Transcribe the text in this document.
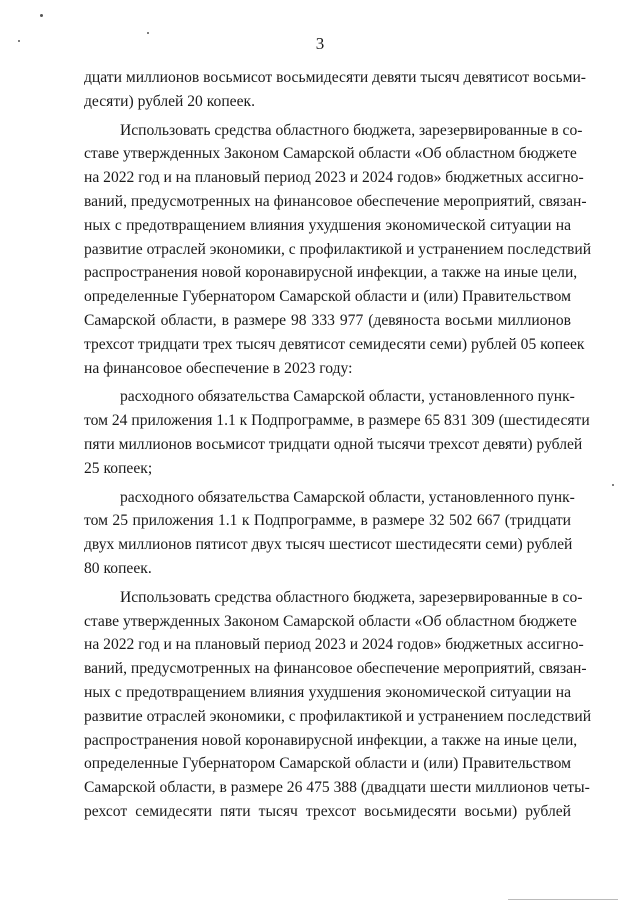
3
дцати миллионов восьмисот восьмидесяти девяти тысяч девятисот восьми-
десяти) рублей 20 копеек.
Использовать средства областного бюджета, зарезервированные в со-
ставе утвержденных Законом Самарской области «Об областном бюджете
на 2022 год и на плановый период 2023 и 2024 годов» бюджетных ассигно-
ваний, предусмотренных на финансовое обеспечение мероприятий, связан-
ных с предотвращением влияния ухудшения экономической ситуации на
развитие отраслей экономики, с профилактикой и устранением последствий
распространения новой коронавирусной инфекции, а также на иные цели,
определенные Губернатором Самарской области и (или) Правительством
Самарской области, в размере 98 333 977 (девяноста восьми миллионов
трехсот тридцати трех тысяч девятисот семидесяти семи) рублей 05 копеек
на финансовое обеспечение в 2023 году:
расходного обязательства Самарской области, установленного пунк-
том 24 приложения 1.1 к Подпрограмме, в размере 65 831 309 (шестидесяти
пяти миллионов восьмисот тридцати одной тысячи трехсот девяти) рублей
25 копеек;
расходного обязательства Самарской области, установленного пунк-
том 25 приложения 1.1 к Подпрограмме, в размере 32 502 667 (тридцати
двух миллионов пятисот двух тысяч шестисот шестидесяти семи) рублей
80 копеек.
Использовать средства областного бюджета, зарезервированные в со-
ставе утвержденных Законом Самарской области «Об областном бюджете
на 2022 год и на плановый период 2023 и 2024 годов» бюджетных ассигно-
ваний, предусмотренных на финансовое обеспечение мероприятий, связан-
ных с предотвращением влияния ухудшения экономической ситуации на
развитие отраслей экономики, с профилактикой и устранением последствий
распространения новой коронавирусной инфекции, а также на иные цели,
определенные Губернатором Самарской области и (или) Правительством
Самарской области, в размере 26 475 388 (двадцати шести миллионов четы-
рехсот семидесяти пяти тысяч трехсот восьмидесяти восьми) рублей
